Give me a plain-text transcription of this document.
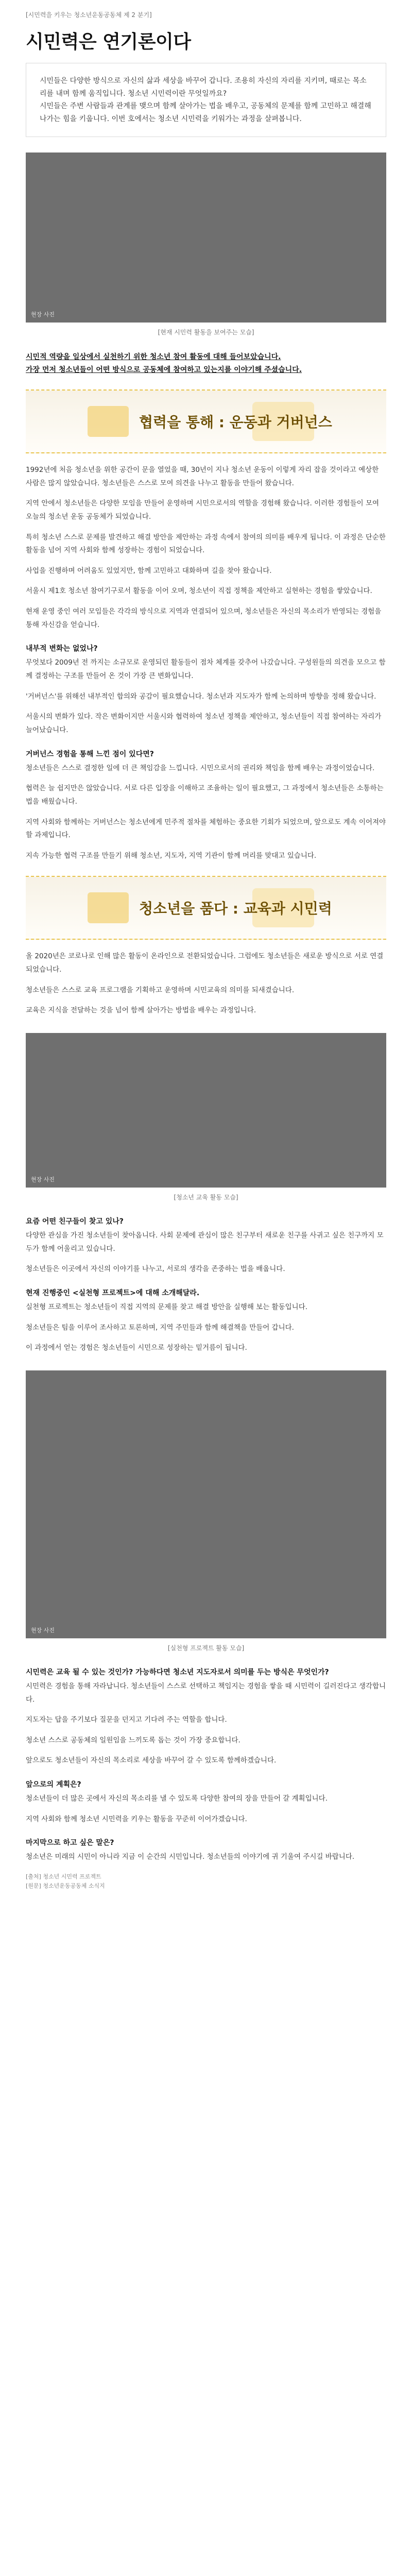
[시민력을 키우는 청소년운동공동체 제 2 분기]
시민력은 연기론이다

시민들은 다양한 방식으로 자신의 삶과 세상을 바꾸어 갑니다. 조용히 자신의 자리를 지키며, 때로는 목소리를 내며 함께 움직입니다. 청소년 시민력이란 무엇일까요?

시민들은 주변 사람들과 관계를 맺으며 함께 살아가는 법을 배우고, 공동체의 문제를 함께 고민하고 해결해 나가는 힘을 키웁니다. 이번 호에서는 청소년 시민력을 키워가는 과정을 살펴봅니다.

현장 사진
[현재 시민력 활동을 보여주는 모습]
시민적 역량을 일상에서 실천하기 위한 청소년 참여 활동에 대해 들어보았습니다.
가장 먼저 청소년들이 어떤 방식으로 공동체에 참여하고 있는지를 이야기해 주셨습니다.
협력을 통해 : 운동과 거버넌스

1992년에 처음 청소년을 위한 공간이 문을 열었을 때, 30년이 지나 청소년 운동이 이렇게 자리 잡을 것이라고 예상한 사람은 많지 않았습니다. 청소년들은 스스로 모여 의견을 나누고 활동을 만들어 왔습니다.

지역 안에서 청소년들은 다양한 모임을 만들어 운영하며 시민으로서의 역할을 경험해 왔습니다. 이러한 경험들이 모여 오늘의 청소년 운동 공동체가 되었습니다.

특히 청소년 스스로 문제를 발견하고 해결 방안을 제안하는 과정 속에서 참여의 의미를 배우게 됩니다. 이 과정은 단순한 활동을 넘어 지역 사회와 함께 성장하는 경험이 되었습니다.

사업을 진행하며 어려움도 있었지만, 함께 고민하고 대화하며 길을 찾아 왔습니다.

서울시 제1호 청소년 참여기구로서 활동을 이어 오며, 청소년이 직접 정책을 제안하고 실현하는 경험을 쌓았습니다.

현재 운영 중인 여러 모임들은 각각의 방식으로 지역과 연결되어 있으며, 청소년들은 자신의 목소리가 반영되는 경험을 통해 자신감을 얻습니다.

내부적 변화는 없었나?

무엇보다 2009년 전 까지는 소규모로 운영되던 활동들이 점차 체계를 갖추어 나갔습니다. 구성원들의 의견을 모으고 함께 결정하는 구조를 만들어 온 것이 가장 큰 변화입니다.

'거버넌스'를 위해선 내부적인 합의와 공감이 필요했습니다. 청소년과 지도자가 함께 논의하며 방향을 정해 왔습니다.

서울시의 변화가 있다. 작은 변화이지만 서울시와 협력하여 청소년 정책을 제안하고, 청소년들이 직접 참여하는 자리가 늘어났습니다.

거버넌스 경험을 통해 느낀 점이 있다면?

청소년들은 스스로 결정한 일에 더 큰 책임감을 느낍니다. 시민으로서의 권리와 책임을 함께 배우는 과정이었습니다.

협력은 늘 쉽지만은 않았습니다. 서로 다른 입장을 이해하고 조율하는 일이 필요했고, 그 과정에서 청소년들은 소통하는 법을 배웠습니다.

지역 사회와 함께하는 거버넌스는 청소년에게 민주적 절차를 체험하는 중요한 기회가 되었으며, 앞으로도 계속 이어져야 할 과제입니다.

지속 가능한 협력 구조를 만들기 위해 청소년, 지도자, 지역 기관이 함께 머리를 맞대고 있습니다.

청소년을 품다 : 교육과 시민력

올 2020년은 코로나로 인해 많은 활동이 온라인으로 전환되었습니다. 그럼에도 청소년들은 새로운 방식으로 서로 연결되었습니다.

청소년들은 스스로 교육 프로그램을 기획하고 운영하며 시민교육의 의미를 되새겼습니다.

교육은 지식을 전달하는 것을 넘어 함께 살아가는 방법을 배우는 과정입니다.

현장 사진
[청소년 교육 활동 모습]
요즘 어떤 친구들이 찾고 있나?

다양한 관심을 가진 청소년들이 찾아옵니다. 사회 문제에 관심이 많은 친구부터 새로운 친구를 사귀고 싶은 친구까지 모두가 함께 어울리고 있습니다.

청소년들은 이곳에서 자신의 이야기를 나누고, 서로의 생각을 존중하는 법을 배웁니다.

현재 진행중인 <실천형 프로젝트>에 대해 소개해달라.

실천형 프로젝트는 청소년들이 직접 지역의 문제를 찾고 해결 방안을 실행해 보는 활동입니다.

청소년들은 팀을 이루어 조사하고 토론하며, 지역 주민들과 함께 해결책을 만들어 갑니다.

이 과정에서 얻는 경험은 청소년들이 시민으로 성장하는 밑거름이 됩니다.

현장 사진
[실천형 프로젝트 활동 모습]
시민력은 교육 될 수 있는 것인가? 가능하다면 청소년 지도자로서 의미를 두는 방식은 무엇인가?

시민력은 경험을 통해 자라납니다. 청소년들이 스스로 선택하고 책임지는 경험을 쌓을 때 시민력이 길러진다고 생각합니다.

지도자는 답을 주기보다 질문을 던지고 기다려 주는 역할을 합니다.

청소년 스스로 공동체의 일원임을 느끼도록 돕는 것이 가장 중요합니다.

앞으로도 청소년들이 자신의 목소리로 세상을 바꾸어 갈 수 있도록 함께하겠습니다.

앞으로의 계획은?

청소년들이 더 많은 곳에서 자신의 목소리를 낼 수 있도록 다양한 참여의 장을 만들어 갈 계획입니다.

지역 사회와 함께 청소년 시민력을 키우는 활동을 꾸준히 이어가겠습니다.

마지막으로 하고 싶은 말은?

청소년은 미래의 시민이 아니라 지금 이 순간의 시민입니다. 청소년들의 이야기에 귀 기울여 주시길 바랍니다.

[출처] 청소년 시민력 프로젝트
[원문] 청소년운동공동체 소식지
